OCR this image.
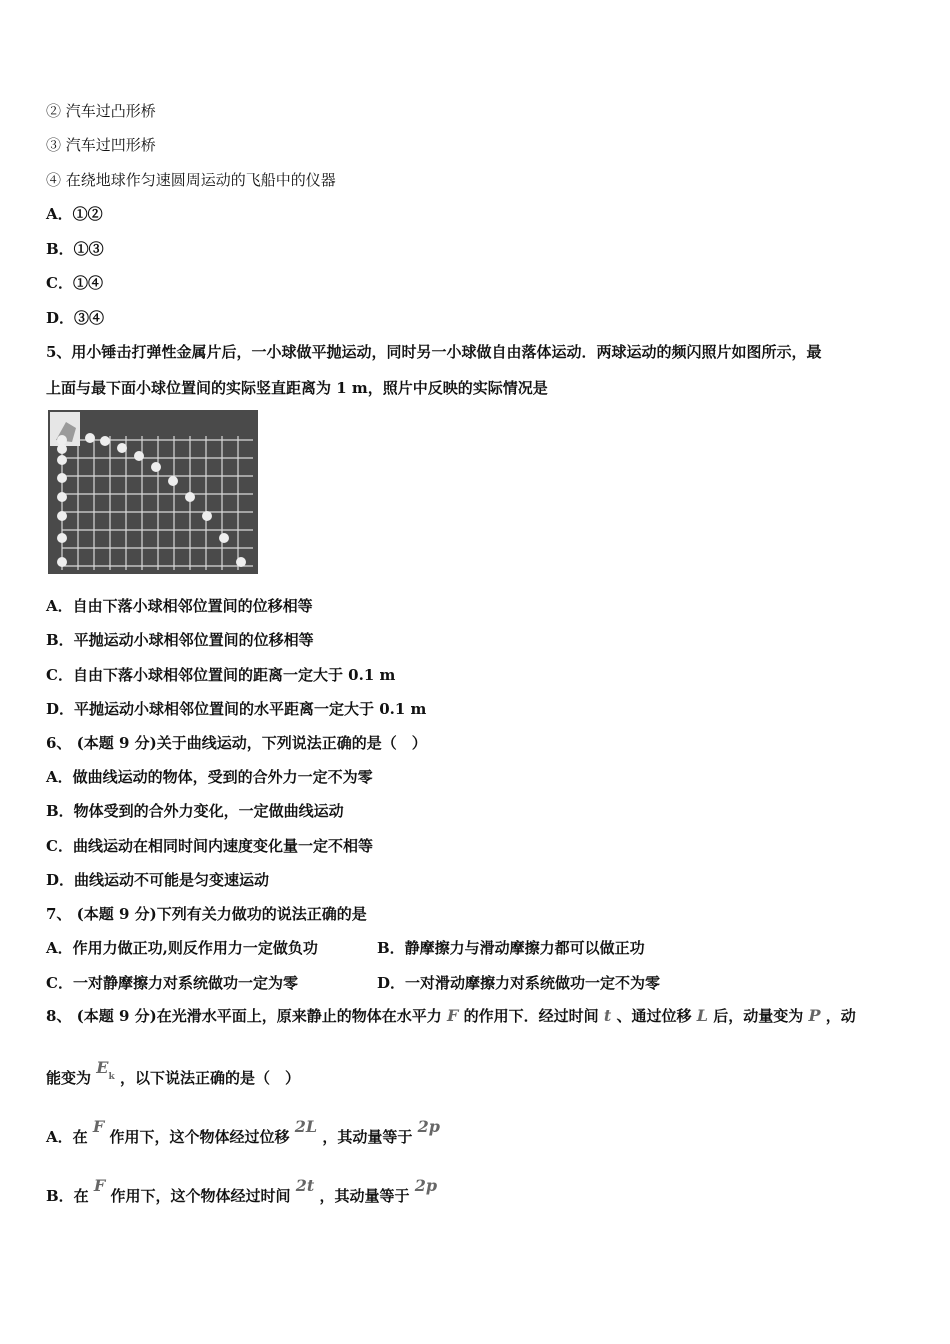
② 汽车过凸形桥
③ 汽车过凹形桥
④ 在绕地球作匀速圆周运动的飞船中的仪器
A．①②
B．①③
C．①④
D．③④
5、用小锤击打弹性金属片后，一小球做平抛运动，同时另一小球做自由落体运动．两球运动的频闪照片如图所示，最
上面与最下面小球位置间的实际竖直距离为 1 m，照片中反映的实际情况是
A．自由下落小球相邻位置间的位移相等
B．平抛运动小球相邻位置间的位移相等
C．自由下落小球相邻位置间的距离一定大于 0.1 m
D．平抛运动小球相邻位置间的水平距离一定大于 0.1 m
6、 (本题 9 分)关于曲线运动，下列说法正确的是（　）
A．做曲线运动的物体，受到的合外力一定不为零
B．物体受到的合外力变化，一定做曲线运动
C．曲线运动在相同时间内速度变化量一定不相等
D．曲线运动不可能是匀变速运动
7、 (本题 9 分)下列有关力做功的说法正确的是
A．作用力做正功,则反作用力一定做负功	B．静摩擦力与滑动摩擦力都可以做正功
C．一对静摩擦力对系统做功一定为零	D．一对滑动摩擦力对系统做功一定不为零
8、 (本题 9 分)在光滑水平面上，原来静止的物体在水平力 F 的作用下．经过时间 t 、通过位移 L 后，动量变为 P ，动
能变为 $E_k$ ，以下说法正确的是（　）
A．在 F 作用下，这个物体经过位移 2L ，其动量等于 2p
B．在 F 作用下，这个物体经过时间 2t ，其动量等于 2p
